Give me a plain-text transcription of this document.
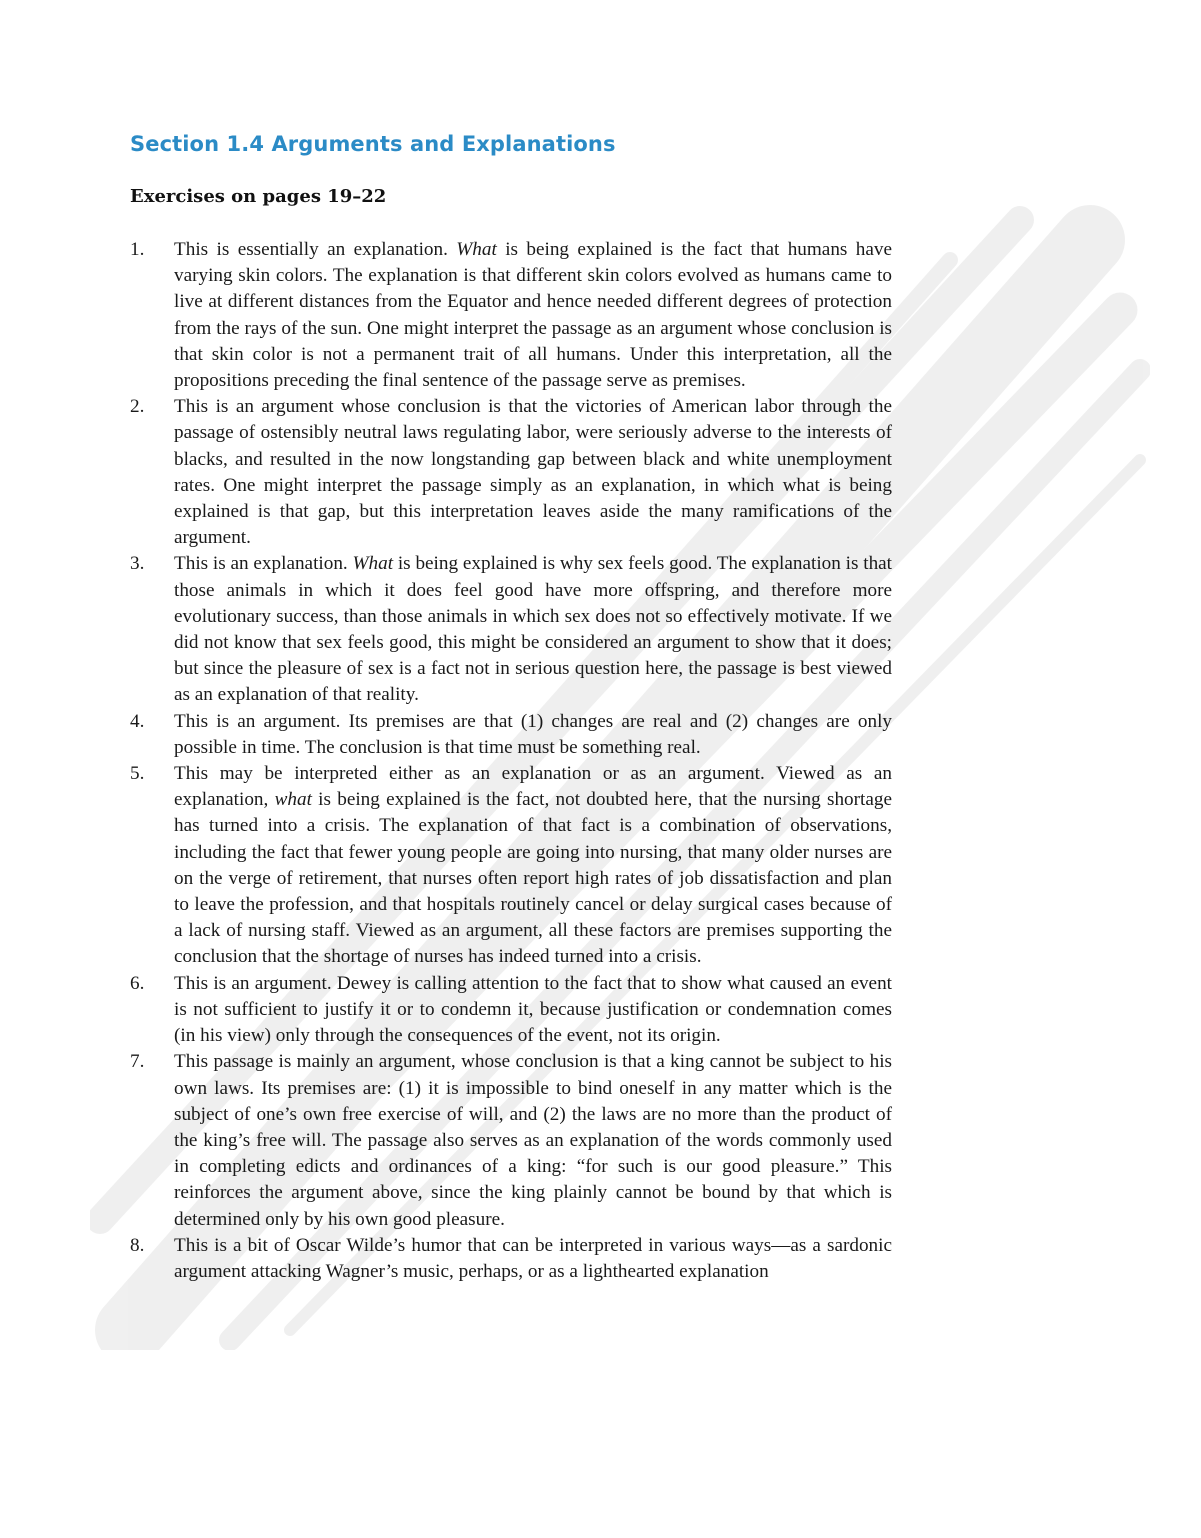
Section 1.4 Arguments and Explanations
Exercises on pages 19–22
1. This is essentially an explanation. What is being explained is the fact that humans have varying skin colors. The explanation is that different skin colors evolved as humans came to live at different distances from the Equator and hence needed different degrees of protection from the rays of the sun. One might interpret the passage as an argument whose conclusion is that skin color is not a permanent trait of all humans. Under this interpretation, all the propositions preceding the final sentence of the passage serve as premises.
2. This is an argument whose conclusion is that the victories of American labor through the passage of ostensibly neutral laws regulating labor, were seriously adverse to the interests of blacks, and resulted in the now longstanding gap between black and white unemployment rates. One might interpret the passage simply as an explanation, in which what is being explained is that gap, but this interpretation leaves aside the many ramifications of the argument.
3. This is an explanation. What is being explained is why sex feels good. The explanation is that those animals in which it does feel good have more offspring, and therefore more evolutionary success, than those animals in which sex does not so effectively motivate. If we did not know that sex feels good, this might be considered an argument to show that it does; but since the pleasure of sex is a fact not in serious question here, the passage is best viewed as an explanation of that reality.
4. This is an argument. Its premises are that (1) changes are real and (2) changes are only possible in time. The conclusion is that time must be something real.
5. This may be interpreted either as an explanation or as an argument. Viewed as an explanation, what is being explained is the fact, not doubted here, that the nursing shortage has turned into a crisis. The explanation of that fact is a combination of observations, including the fact that fewer young people are going into nursing, that many older nurses are on the verge of retirement, that nurses often report high rates of job dissatisfaction and plan to leave the profession, and that hospitals routinely cancel or delay surgical cases because of a lack of nursing staff. Viewed as an argument, all these factors are premises supporting the conclusion that the shortage of nurses has indeed turned into a crisis.
6. This is an argument. Dewey is calling attention to the fact that to show what caused an event is not sufficient to justify it or to condemn it, because justification or condemnation comes (in his view) only through the consequences of the event, not its origin.
7. This passage is mainly an argument, whose conclusion is that a king cannot be subject to his own laws. Its premises are: (1) it is impossible to bind oneself in any matter which is the subject of one’s own free exercise of will, and (2) the laws are no more than the product of the king’s free will. The passage also serves as an explanation of the words commonly used in completing edicts and ordinances of a king: “for such is our good pleasure.” This reinforces the argument above, since the king plainly cannot be bound by that which is determined only by his own good pleasure.
8. This is a bit of Oscar Wilde’s humor that can be interpreted in various ways—as a sardonic argument attacking Wagner’s music, perhaps, or as a lighthearted explanation
